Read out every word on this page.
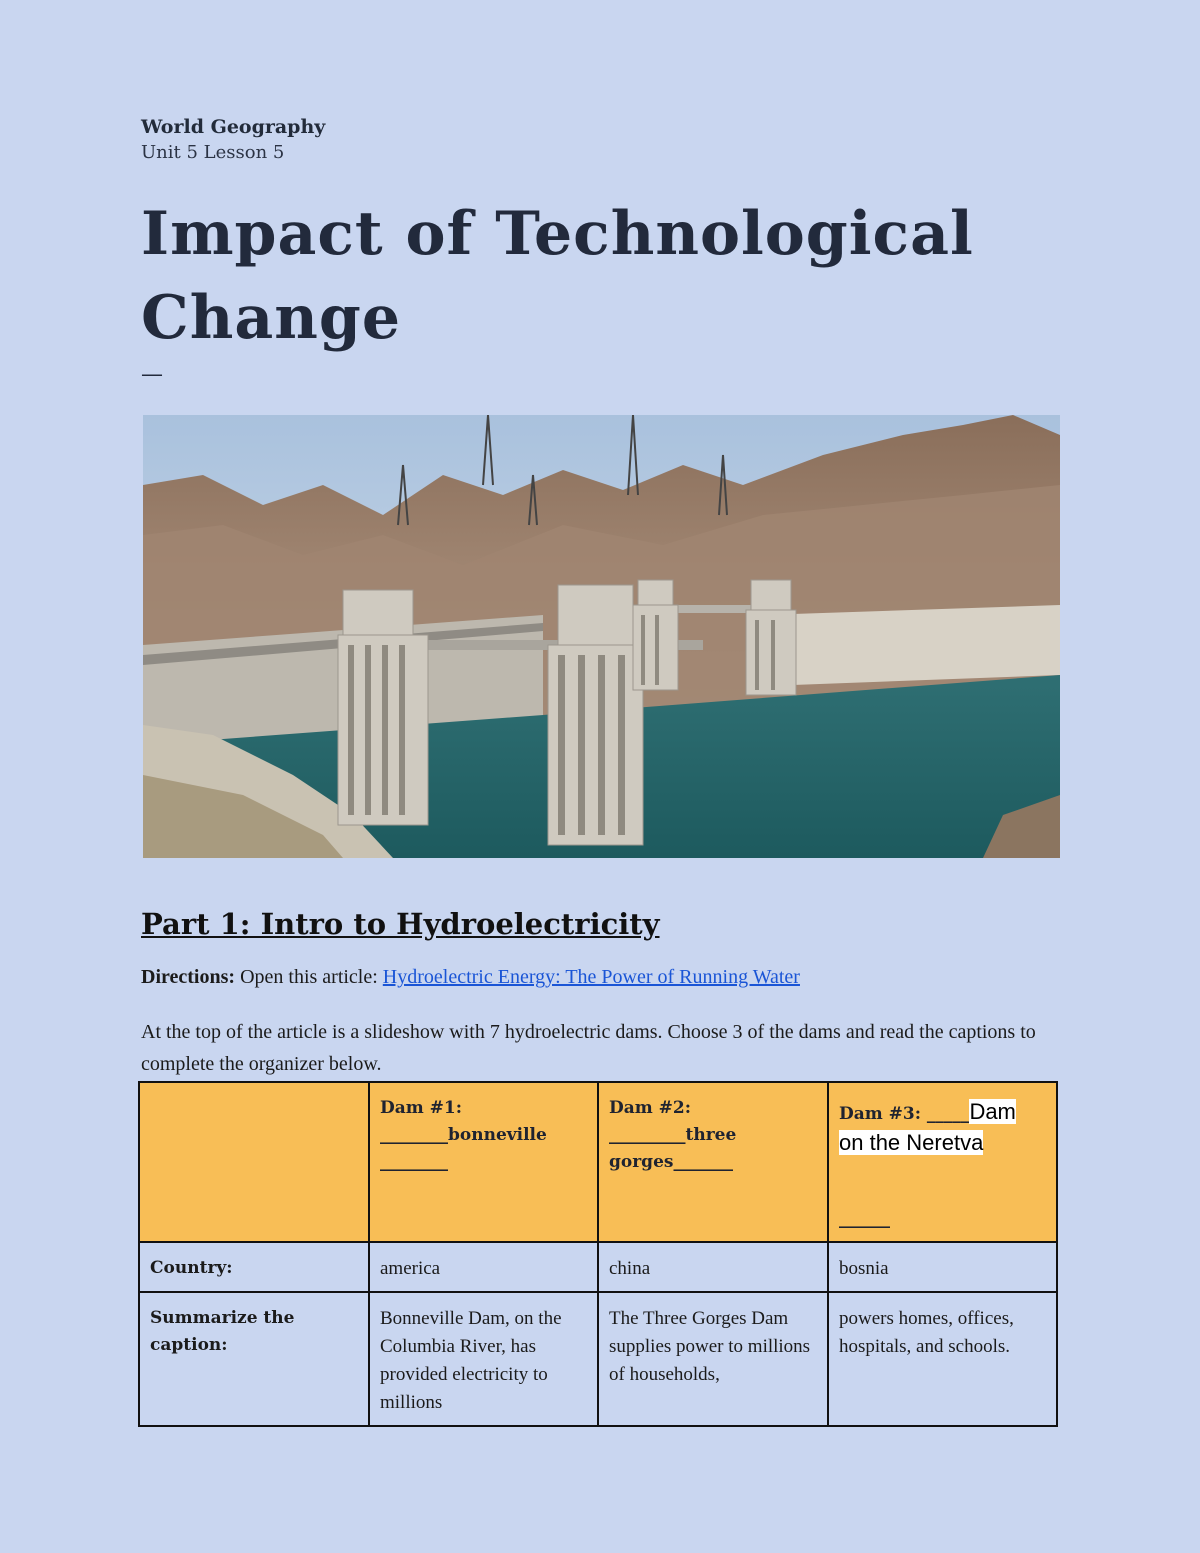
World Geography
Unit 5 Lesson 5
Impact of Technological
Change
—
Part 1: Intro to Hydroelectricity
Directions: Open this article: Hydroelectric Energy: The Power of Running Water
At the top of the article is a slideshow with 7 hydroelectric dams. Choose 3 of the dams and read the captions to complete the organizer below.
	Dam #1: ________bonneville ________	Dam #2: _________three gorges_______	Dam #3: _____Dam on the Neretva
______

Country:	america	china	bosnia
Summarize the caption:	Bonneville Dam, on the Columbia River, has provided electricity to millions	The Three Gorges Dam supplies power to millions of households,	powers homes, offices, hospitals, and schools.
